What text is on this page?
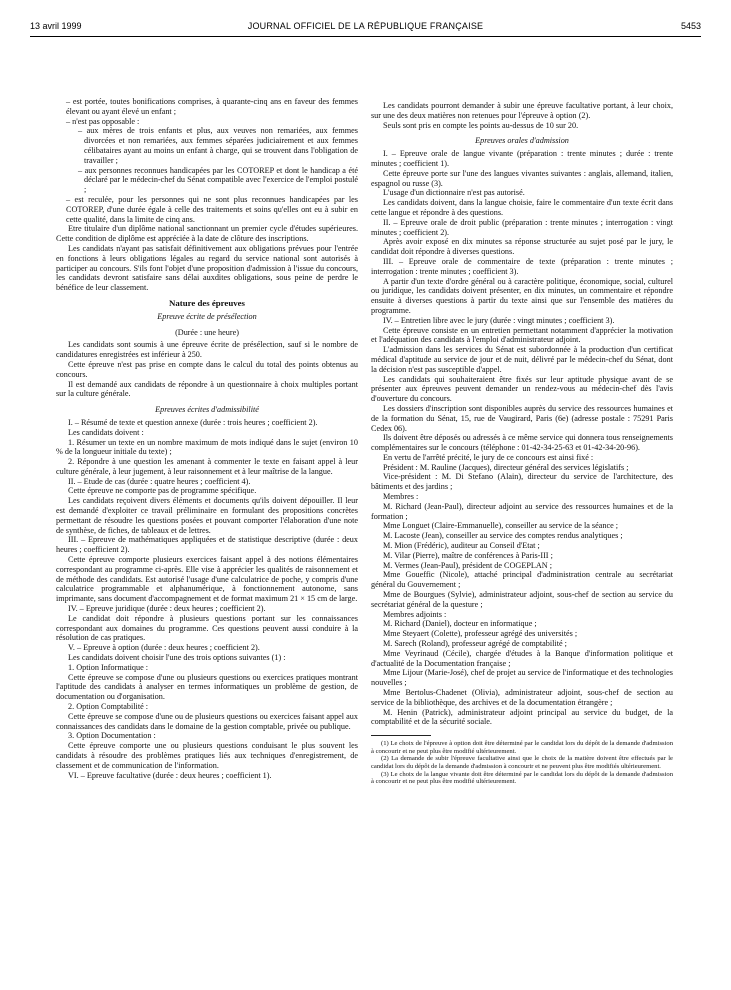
13 avril 1999	JOURNAL OFFICIEL DE LA RÉPUBLIQUE FRANÇAISE	5453

– est portée, toutes bonifications comprises, à quarante-cinq ans en faveur des femmes élevant ou ayant élevé un enfant ;

– n'est pas opposable :

– aux mères de trois enfants et plus, aux veuves non remariées, aux femmes divorcées et non remariées, aux femmes séparées judiciairement et aux femmes célibataires ayant au moins un enfant à charge, qui se trouvent dans l'obligation de travailler ;

– aux personnes reconnues handicapées par les COTOREP et dont le handicap a été déclaré par le médecin-chef du Sénat compatible avec l'exercice de l'emploi postulé ;

– est reculée, pour les personnes qui ne sont plus reconnues handicapées par les COTOREP, d'une durée égale à celle des traitements et soins qu'elles ont eu à subir en cette qualité, dans la limite de cinq ans.

Etre titulaire d'un diplôme national sanctionnant un premier cycle d'études supérieures. Cette condition de diplôme est appréciée à la date de clôture des inscriptions.

Les candidats n'ayant pas satisfait définitivement aux obligations prévues pour l'entrée en fonctions à leurs obligations légales au regard du service national sont autorisés à participer au concours. S'ils font l'objet d'une proposition d'admission à l'issue du concours, les candidats devront satisfaire sans délai auxdites obligations, sous peine de perdre le bénéfice de leur classement.

Nature des épreuves

Epreuve écrite de présélection

(Durée : une heure)

Les candidats sont soumis à une épreuve écrite de présélection, sauf si le nombre de candidatures enregistrées est inférieur à 250.

Cette épreuve n'est pas prise en compte dans le calcul du total des points obtenus au concours.

Il est demandé aux candidats de répondre à un questionnaire à choix multiples portant sur la culture générale.

Epreuves écrites d'admissibilité

I. – Résumé de texte et question annexe (durée : trois heures ; coefficient 2).

Les candidats doivent :

1. Résumer un texte en un nombre maximum de mots indiqué dans le sujet (environ 10 % de la longueur initiale du texte) ;

2. Répondre à une question les amenant à commenter le texte en faisant appel à leur culture générale, à leur jugement, à leur raisonnement et à leur maîtrise de la langue.

II. – Etude de cas (durée : quatre heures ; coefficient 4).

Cette épreuve ne comporte pas de programme spécifique.

Les candidats reçoivent divers éléments et documents qu'ils doivent dépouiller. Il leur est demandé d'exploiter ce travail préliminaire en formulant des propositions concrètes permettant de résoudre les questions posées et pouvant comporter l'élaboration d'une note de synthèse, de fiches, de tableaux et de lettres.

III. – Epreuve de mathématiques appliquées et de statistique descriptive (durée : deux heures ; coefficient 2).

Cette épreuve comporte plusieurs exercices faisant appel à des notions élémentaires correspondant au programme ci-après. Elle vise à apprécier les qualités de raisonnement et de méthode des candidats. Est autorisé l'usage d'une calculatrice de poche, y compris d'une calculatrice programmable et alphanumérique, à fonctionnement autonome, sans imprimante, sans document d'accompagnement et de format maximum 21 × 15 cm de large.

IV. – Epreuve juridique (durée : deux heures ; coefficient 2).

Le candidat doit répondre à plusieurs questions portant sur les connaissances correspondant aux domaines du programme. Ces questions peuvent aussi conduire à la résolution de cas pratiques.

V. – Epreuve à option (durée : deux heures ; coefficient 2).

Les candidats doivent choisir l'une des trois options suivantes (1) :

1. Option Informatique :

Cette épreuve se compose d'une ou plusieurs questions ou exercices pratiques montrant l'aptitude des candidats à analyser en termes informatiques un problème de gestion, de documentation ou d'organisation.

2. Option Comptabilité :

Cette épreuve se compose d'une ou de plusieurs questions ou exercices faisant appel aux connaissances des candidats dans le domaine de la gestion comptable, privée ou publique.

3. Option Documentation :

Cette épreuve comporte une ou plusieurs questions conduisant le plus souvent les candidats à résoudre des problèmes pratiques liés aux techniques d'enregistrement, de classement et de communication de l'information.

VI. – Epreuve facultative (durée : deux heures ; coefficient 1).

Les candidats pourront demander à subir une épreuve facultative portant, à leur choix, sur une des deux matières non retenues pour l'épreuve à option (2).

Seuls sont pris en compte les points au-dessus de 10 sur 20.

Epreuves orales d'admission

I. – Epreuve orale de langue vivante (préparation : trente minutes ; durée : trente minutes ; coefficient 1).

Cette épreuve porte sur l'une des langues vivantes suivantes : anglais, allemand, italien, espagnol ou russe (3).

L'usage d'un dictionnaire n'est pas autorisé.

Les candidats doivent, dans la langue choisie, faire le commentaire d'un texte écrit dans cette langue et répondre à des questions.

II. – Epreuve orale de droit public (préparation : trente minutes ; interrogation : vingt minutes ; coefficient 2).

Après avoir exposé en dix minutes sa réponse structurée au sujet posé par le jury, le candidat doit répondre à diverses questions.

III. – Epreuve orale de commentaire de texte (préparation : trente minutes ; interrogation : trente minutes ; coefficient 3).

A partir d'un texte d'ordre général ou à caractère politique, économique, social, culturel ou juridique, les candidats doivent présenter, en dix minutes, un commentaire et répondre ensuite à diverses questions à partir du texte ainsi que sur l'ensemble des matières du programme.

IV. – Entretien libre avec le jury (durée : vingt minutes ; coefficient 3).

Cette épreuve consiste en un entretien permettant notamment d'apprécier la motivation et l'adéquation des candidats à l'emploi d'administrateur adjoint.

L'admission dans les services du Sénat est subordonnée à la production d'un certificat médical d'aptitude au service de jour et de nuit, délivré par le médecin-chef du Sénat, dont la décision n'est pas susceptible d'appel.

Les candidats qui souhaiteraient être fixés sur leur aptitude physique avant de se présenter aux épreuves peuvent demander un rendez-vous au médecin-chef dès l'avis d'ouverture du concours.

Les dossiers d'inscription sont disponibles auprès du service des ressources humaines et de la formation du Sénat, 15, rue de Vaugirard, Paris (6e) (adresse postale : 75291 Paris Cedex 06).

Ils doivent être déposés ou adressés à ce même service qui donnera tous renseignements complémentaires sur le concours (téléphone : 01-42-34-25-63 et 01-42-34-20-96).

En vertu de l'arrêté précité, le jury de ce concours est ainsi fixé :

Président : M. Rauline (Jacques), directeur général des services législatifs ;

Vice-président : M. Di Stefano (Alain), directeur du service de l'architecture, des bâtiments et des jardins ;

Membres :

M. Richard (Jean-Paul), directeur adjoint au service des ressources humaines et de la formation ;

Mme Longuet (Claire-Emmanuelle), conseiller au service de la séance ;

M. Lacoste (Jean), conseiller au service des comptes rendus analytiques ;

M. Mion (Frédéric), auditeur au Conseil d'Etat ;

M. Vilar (Pierre), maître de conférences à Paris-III ;

M. Vermes (Jean-Paul), président de COGEPLAN ;

Mme Goueffic (Nicole), attaché principal d'administration centrale au secrétariat général du Gouvernement ;

Mme de Bourgues (Sylvie), administrateur adjoint, sous-chef de section au service du secrétariat général de la questure ;

Membres adjoints :

M. Richard (Daniel), docteur en informatique ;

Mme Steyaert (Colette), professeur agrégé des universités ;

M. Sarech (Roland), professeur agrégé de comptabilité ;

Mme Veyrinaud (Cécile), chargée d'études à la Banque d'information politique et d'actualité de la Documentation française ;

Mme Lijour (Marie-José), chef de projet au service de l'informatique et des technologies nouvelles ;

Mme Bertolus-Chadenet (Olivia), administrateur adjoint, sous-chef de section au service de la bibliothèque, des archives et de la documentation étrangère ;

M. Henin (Patrick), administrateur adjoint principal au service du budget, de la comptabilité et de la sécurité sociale.

(1) Le choix de l'épreuve à option doit être déterminé par le candidat lors du dépôt de la demande d'admission à concourir et ne peut plus être modifié ultérieurement.

(2) La demande de subir l'épreuve facultative ainsi que le choix de la matière doivent être effectués par le candidat lors du dépôt de la demande d'admission à concourir et ne peuvent plus être modifiés ultérieurement.

(3) Le choix de la langue vivante doit être déterminé par le candidat lors du dépôt de la demande d'admission à concourir et ne peut plus être modifié ultérieurement.
